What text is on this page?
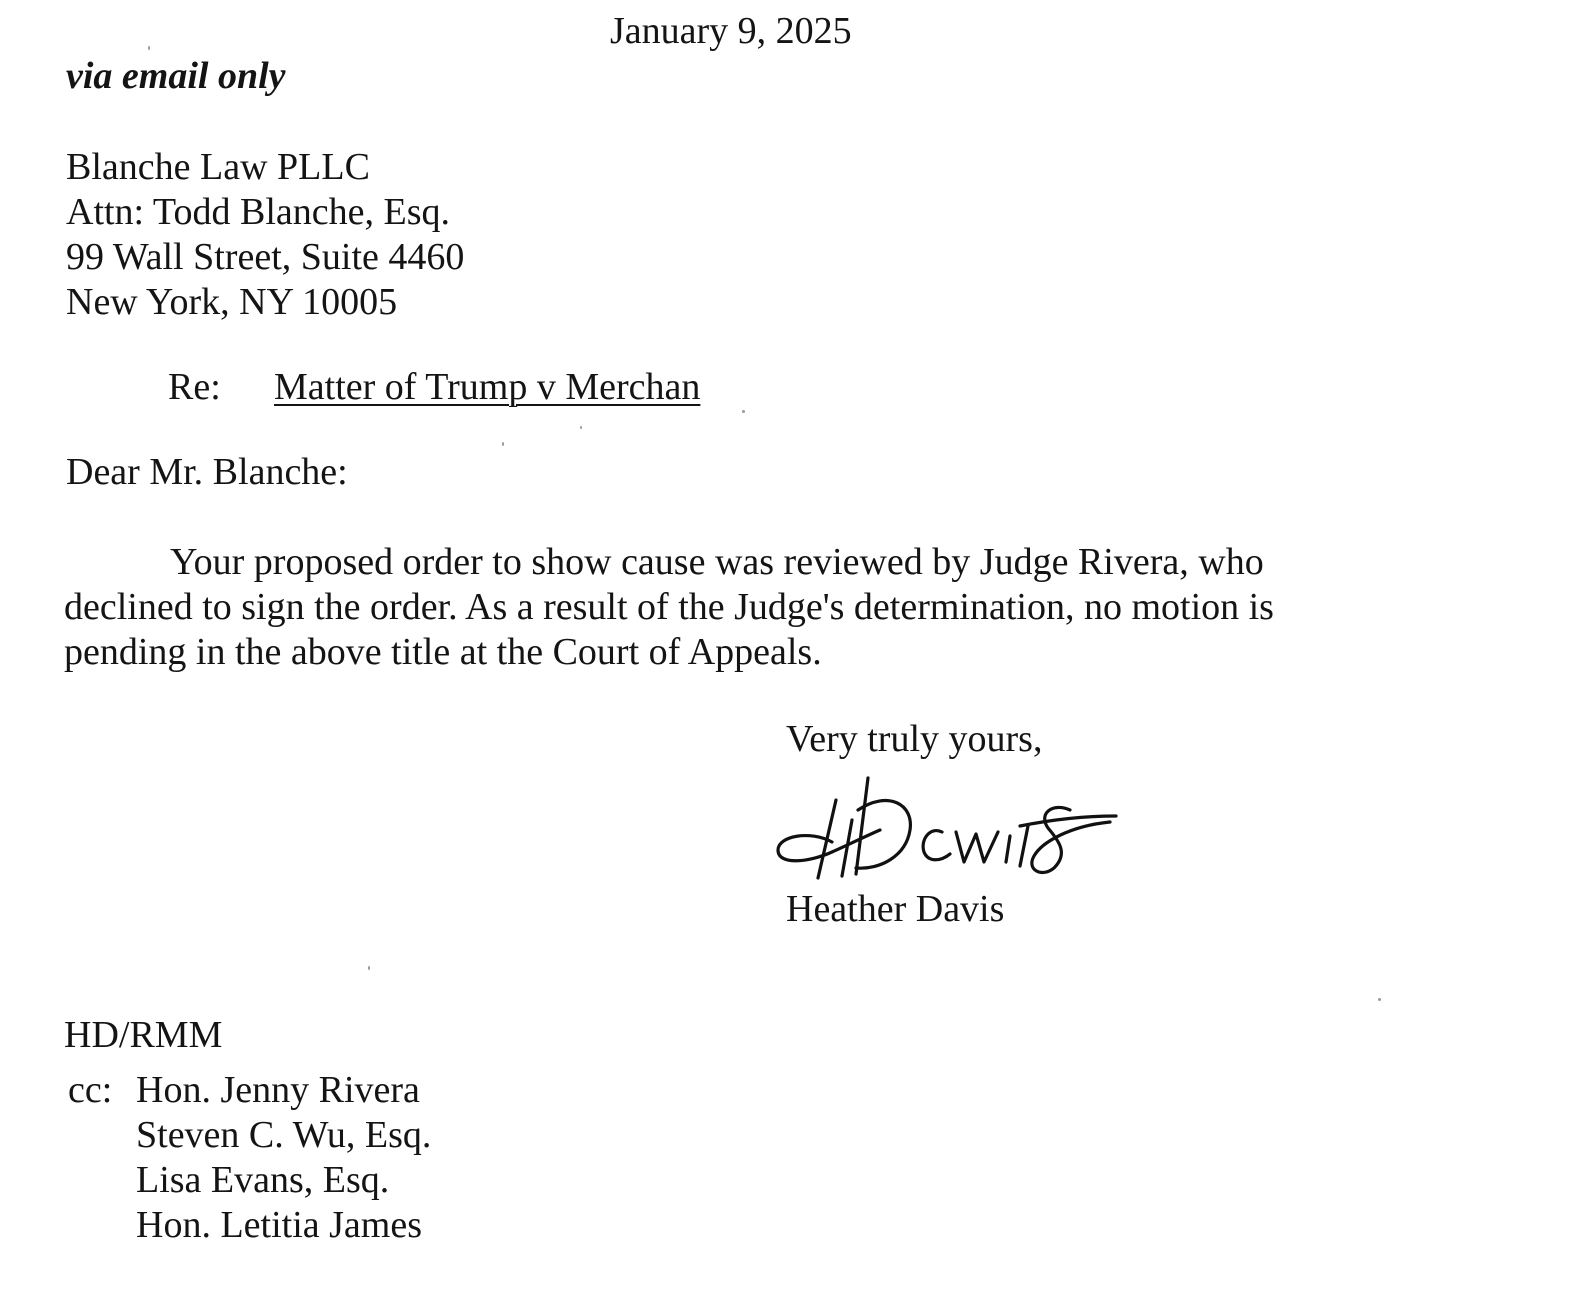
January 9, 2025
via email only
Blanche Law PLLC
Attn: Todd Blanche, Esq.
99 Wall Street, Suite 4460
New York, NY 10005
Re: Matter of Trump v Merchan
Dear Mr. Blanche:
Your proposed order to show cause was reviewed by Judge Rivera, who
declined to sign the order. As a result of the Judge's determination, no motion is
pending in the above title at the Court of Appeals.
Very truly yours,
Heather Davis
HD/RMM
cc: Hon. Jenny Rivera
Steven C. Wu, Esq.
Lisa Evans, Esq.
Hon. Letitia James
